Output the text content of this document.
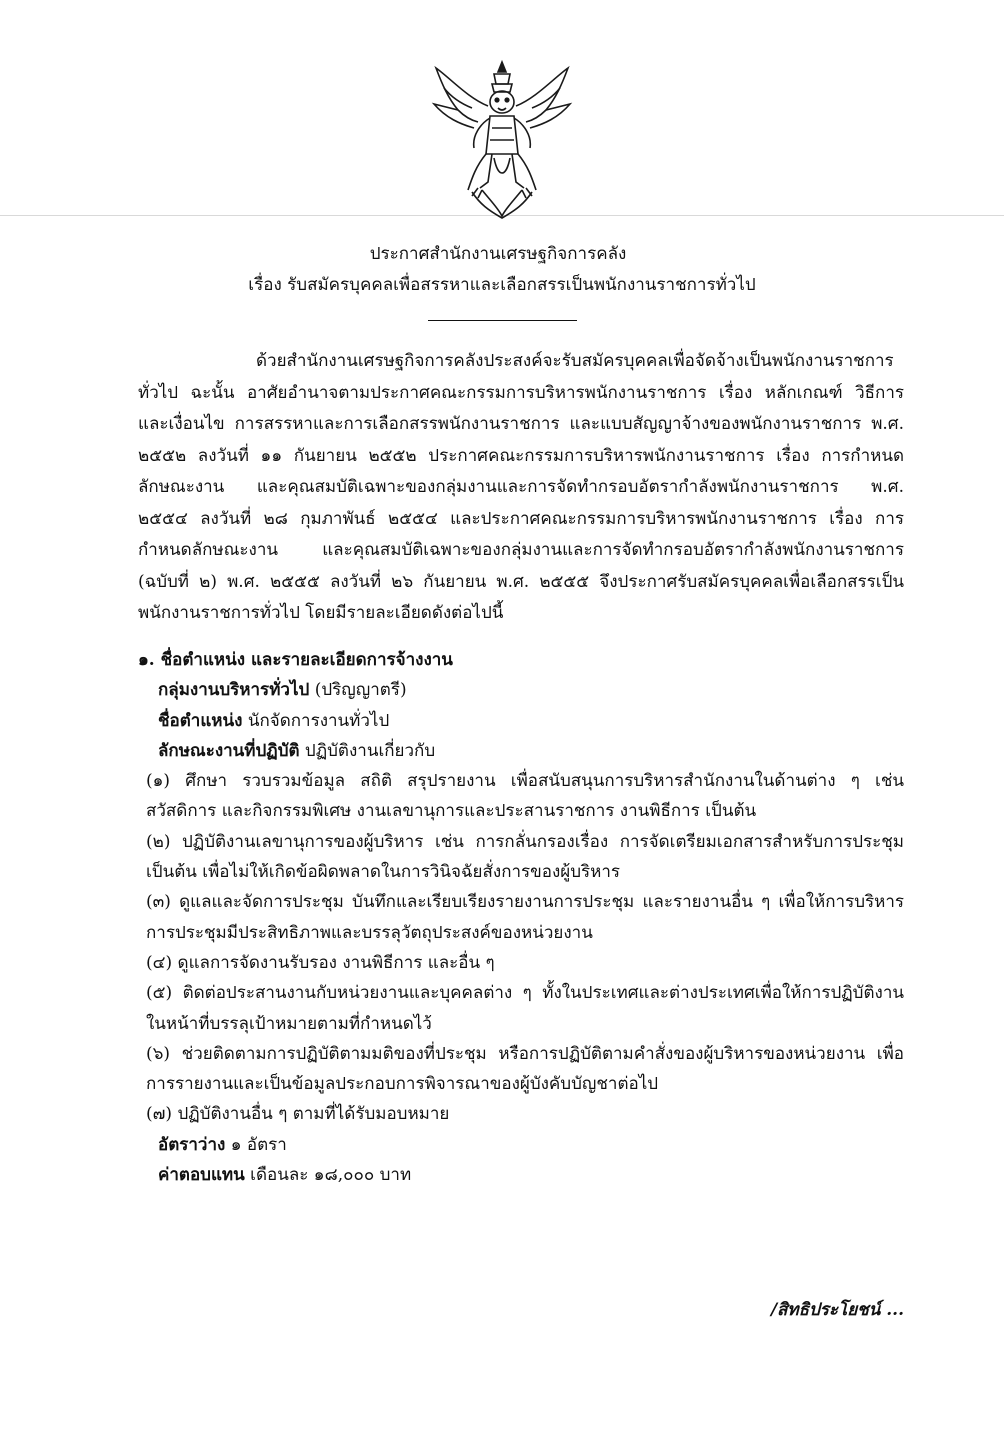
ประกาศสำนักงานเศรษฐกิจการคลัง
เรื่อง รับสมัครบุคคลเพื่อสรรหาและเลือกสรรเป็นพนักงานราชการทั่วไป
ด้วยสำนักงานเศรษฐกิจการคลังประสงค์จะรับสมัครบุคคลเพื่อจัดจ้างเป็นพนักงานราชการทั่วไป ฉะนั้น อาศัยอำนาจตามประกาศคณะกรรมการบริหารพนักงานราชการ เรื่อง หลักเกณฑ์ วิธีการ และเงื่อนไข การสรรหาและการเลือกสรรพนักงานราชการ และแบบสัญญาจ้างของพนักงานราชการ พ.ศ. ๒๕๕๒ ลงวันที่ ๑๑ กันยายน ๒๕๕๒ ประกาศคณะกรรมการบริหารพนักงานราชการ เรื่อง การกำหนดลักษณะงาน และคุณสมบัติเฉพาะของกลุ่มงานและการจัดทำกรอบอัตรากำลังพนักงานราชการ พ.ศ. ๒๕๕๔ ลงวันที่ ๒๘ กุมภาพันธ์ ๒๕๕๔ และประกาศคณะกรรมการบริหารพนักงานราชการ เรื่อง การกำหนดลักษณะงาน และคุณสมบัติเฉพาะของกลุ่มงานและการจัดทำกรอบอัตรากำลังพนักงานราชการ (ฉบับที่ ๒) พ.ศ. ๒๕๕๕ ลงวันที่ ๒๖ กันยายน พ.ศ. ๒๕๕๕ จึงประกาศรับสมัครบุคคลเพื่อเลือกสรรเป็นพนักงานราชการทั่วไป โดยมีรายละเอียดดังต่อไปนี้
๑. ชื่อตำแหน่ง และรายละเอียดการจ้างงาน
กลุ่มงานบริหารทั่วไป (ปริญญาตรี)
ชื่อตำแหน่ง นักจัดการงานทั่วไป
ลักษณะงานที่ปฏิบัติ ปฏิบัติงานเกี่ยวกับ
(๑) ศึกษา รวบรวมข้อมูล สถิติ สรุปรายงาน เพื่อสนับสนุนการบริหารสำนักงานในด้านต่าง ๆ เช่น สวัสดิการ และกิจกรรมพิเศษ งานเลขานุการและประสานราชการ งานพิธีการ เป็นต้น
(๒) ปฏิบัติงานเลขานุการของผู้บริหาร เช่น การกลั่นกรองเรื่อง การจัดเตรียมเอกสารสำหรับการประชุม เป็นต้น เพื่อไม่ให้เกิดข้อผิดพลาดในการวินิจฉัยสั่งการของผู้บริหาร
(๓) ดูแลและจัดการประชุม บันทึกและเรียบเรียงรายงานการประชุม และรายงานอื่น ๆ เพื่อให้การบริหาร การประชุมมีประสิทธิภาพและบรรลุวัตถุประสงค์ของหน่วยงาน
(๔) ดูแลการจัดงานรับรอง งานพิธีการ และอื่น ๆ
(๕) ติดต่อประสานงานกับหน่วยงานและบุคคลต่าง ๆ ทั้งในประเทศและต่างประเทศเพื่อให้การปฏิบัติงาน ในหน้าที่บรรลุเป้าหมายตามที่กำหนดไว้
(๖) ช่วยติดตามการปฏิบัติตามมติของที่ประชุม หรือการปฏิบัติตามคำสั่งของผู้บริหารของหน่วยงาน เพื่อการรายงานและเป็นข้อมูลประกอบการพิจารณาของผู้บังคับบัญชาต่อไป
(๗) ปฏิบัติงานอื่น ๆ ตามที่ได้รับมอบหมาย
อัตราว่าง ๑ อัตรา
ค่าตอบแทน เดือนละ ๑๘,๐๐๐ บาท
/สิทธิประโยชน์ ...
